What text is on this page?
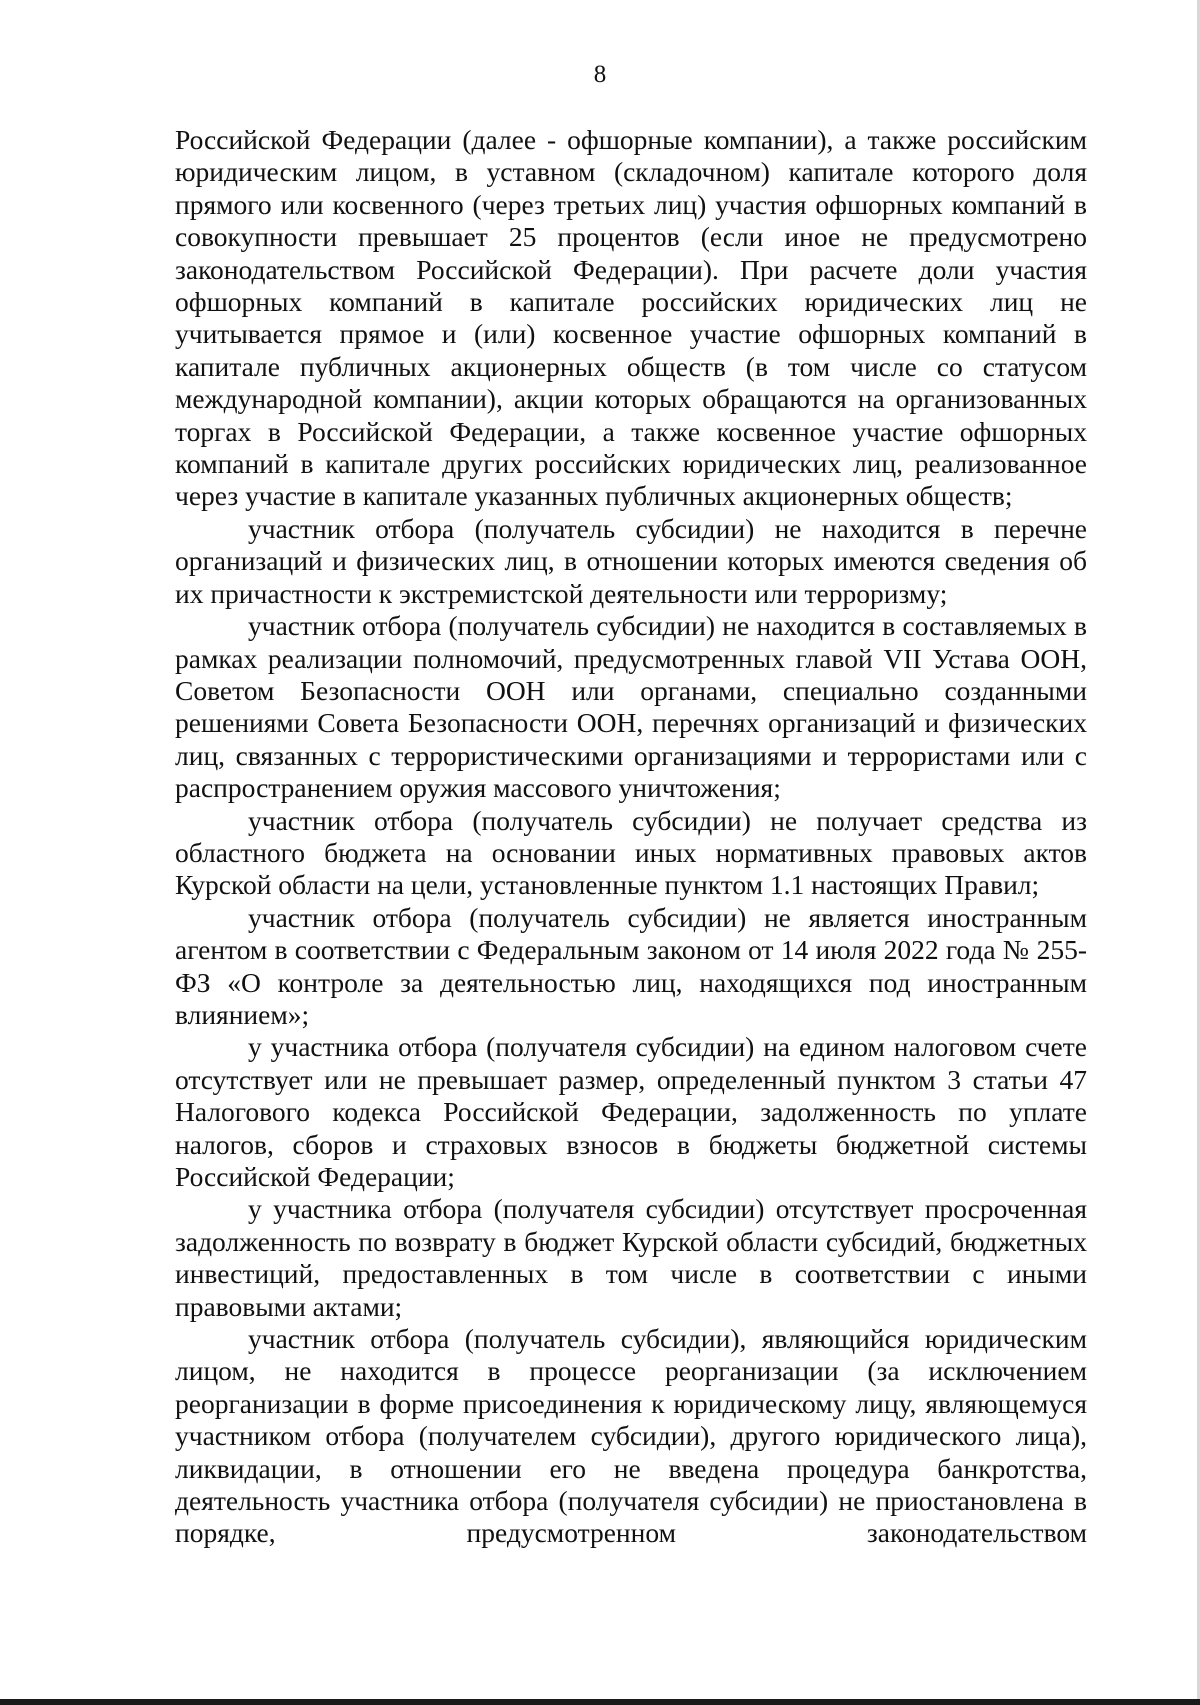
8

Российской Федерации (далее - офшорные компании), а также российским юридическим лицом, в уставном (складочном) капитале которого доля прямого или косвенного (через третьих лиц) участия офшорных компаний в совокупности превышает 25 процентов (если иное не предусмотрено законодательством Российской Федерации). При расчете доли участия офшорных компаний в капитале российских юридических лиц не учитывается прямое и (или) косвенное участие офшорных компаний в капитале публичных акционерных обществ (в том числе со статусом международной компании), акции которых обращаются на организованных торгах в Российской Федерации, а также косвенное участие офшорных компаний в капитале других российских юридических лиц, реализованное через участие в капитале указанных публичных акционерных обществ;

участник отбора (получатель субсидии) не находится в перечне организаций и физических лиц, в отношении которых имеются сведения об их причастности к экстремистской деятельности или терроризму;

участник отбора (получатель субсидии) не находится в составляемых в рамках реализации полномочий, предусмотренных главой VII Устава ООН, Советом Безопасности ООН или органами, специально созданными решениями Совета Безопасности ООН, перечнях организаций и физических лиц, связанных с террористическими организациями и террористами или с распространением оружия массового уничтожения;

участник отбора (получатель субсидии) не получает средства из областного бюджета на основании иных нормативных правовых актов Курской области на цели, установленные пунктом 1.1 настоящих Правил;

участник отбора (получатель субсидии) не является иностранным агентом в соответствии с Федеральным законом от 14 июля 2022 года № 255-ФЗ «О контроле за деятельностью лиц, находящихся под иностранным влиянием»;

у участника отбора (получателя субсидии) на едином налоговом счете отсутствует или не превышает размер, определенный пунктом 3 статьи 47 Налогового кодекса Российской Федерации, задолженность по уплате налогов, сборов и страховых взносов в бюджеты бюджетной системы Российской Федерации;

у участника отбора (получателя субсидии) отсутствует просроченная задолженность по возврату в бюджет Курской области субсидий, бюджетных инвестиций, предоставленных в том числе в соответствии с иными правовыми актами;

участник отбора (получатель субсидии), являющийся юридическим лицом, не находится в процессе реорганизации (за исключением реорганизации в форме присоединения к юридическому лицу, являющемуся участником отбора (получателем субсидии), другого юридического лица), ликвидации, в отношении его не введена процедура банкротства, деятельность участника отбора (получателя субсидии) не приостановлена в порядке, предусмотренном законодательством
